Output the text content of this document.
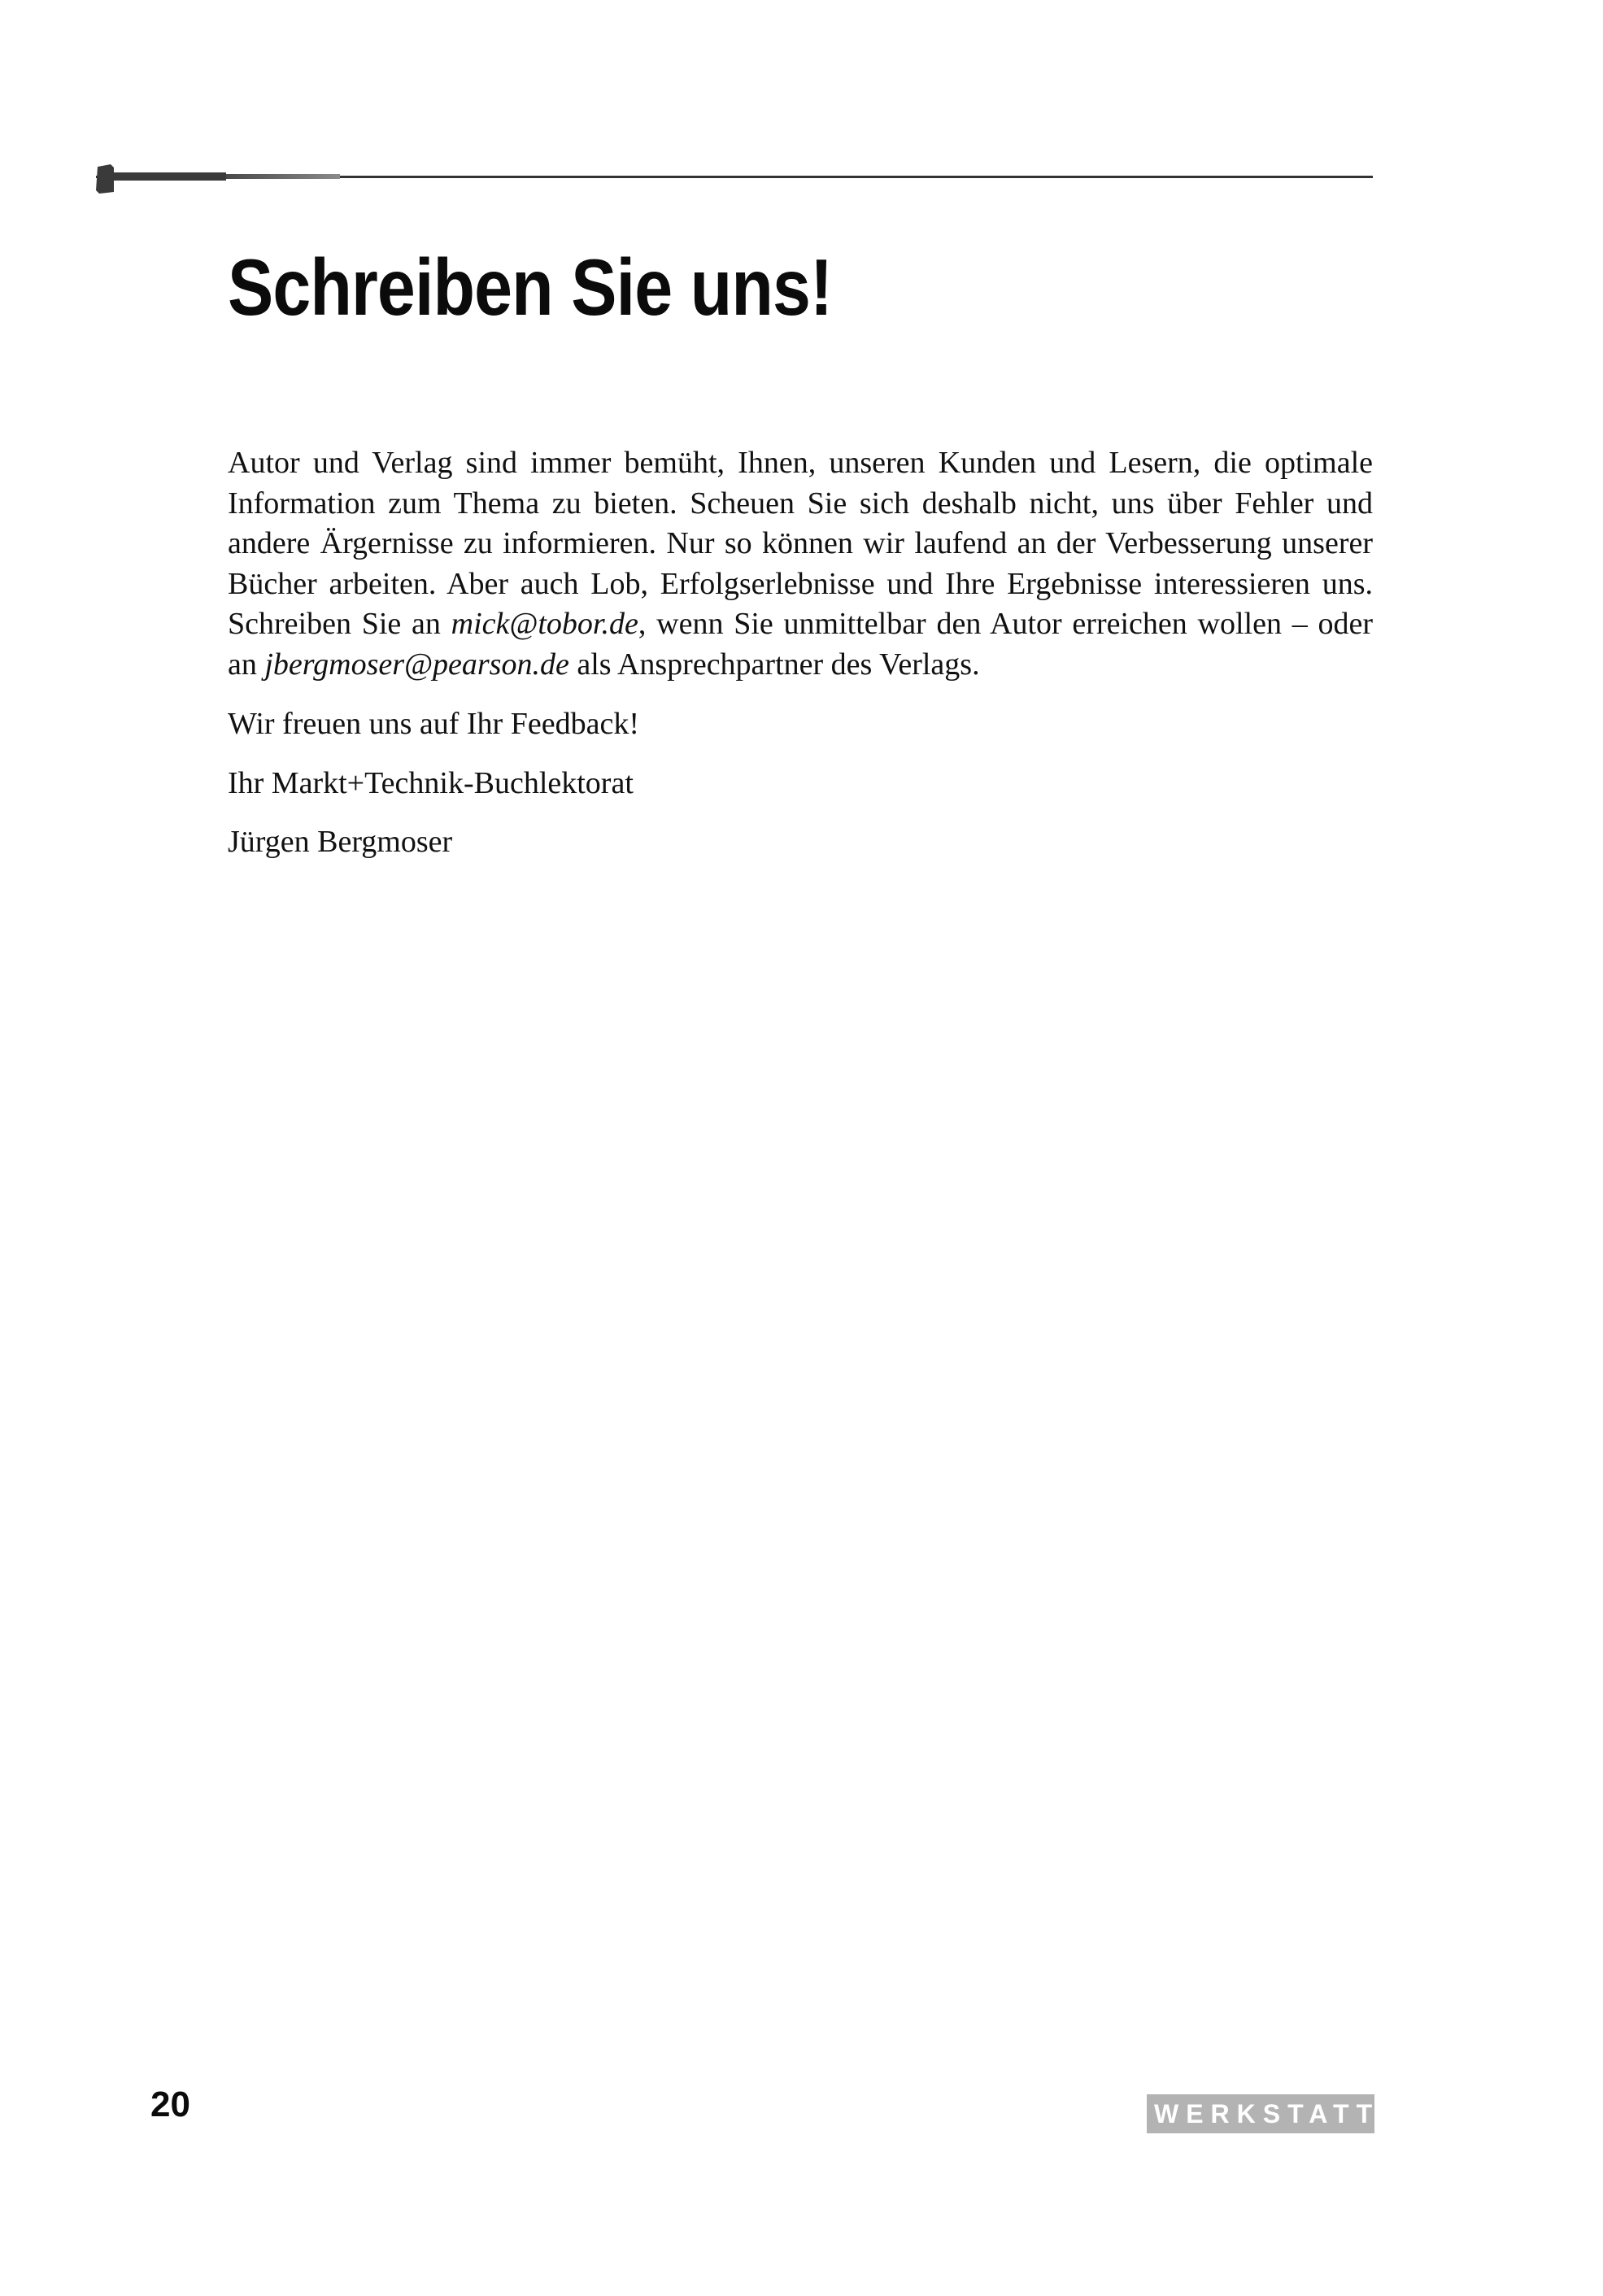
Schreiben Sie uns!

Autor und Verlag sind immer bemüht, Ihnen, unseren Kunden und Lesern, die optimale Information zum Thema zu bieten. Scheuen Sie sich deshalb nicht, uns über Fehler und andere Ärgernisse zu informieren. Nur so können wir laufend an der Verbesserung unserer Bücher arbeiten. Aber auch Lob, Erfolgserlebnisse und Ihre Ergebnisse interessieren uns. Schreiben Sie an mick@tobor.de, wenn Sie unmittelbar den Autor erreichen wollen – oder an jbergmoser@pearson.de als Ansprechpartner des Verlags.

Wir freuen uns auf Ihr Feedback!

Ihr Markt+Technik-Buchlektorat

Jürgen Bergmoser

20	WERKSTATT
